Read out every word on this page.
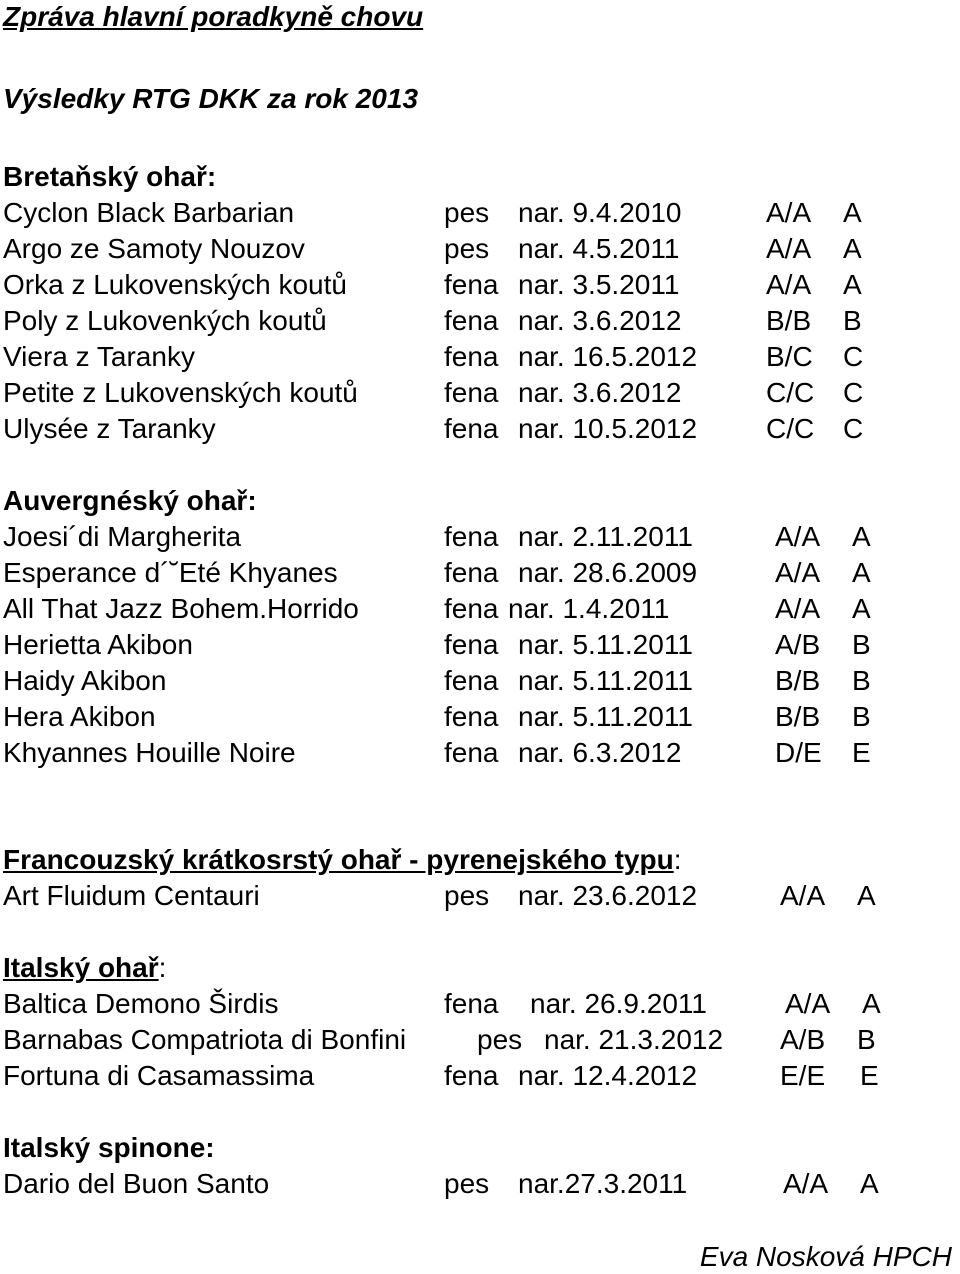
Zpráva hlavní poradkyně chovu
Výsledky RTG DKK za rok 2013
Bretaňský ohař:
Cyclon Black Barbarian	pes nar. 9.4.2010	A/A A
Argo ze Samoty Nouzov	pes nar. 4.5.2011	A/A A
Orka z Lukovenských koutů	fena nar. 3.5.2011	A/A A
Poly z Lukovenkých koutů	fena nar. 3.6.2012	B/B B
Viera z Taranky	fena nar. 16.5.2012 B/C C
Petite z Lukovenských koutů	fena nar. 3.6.2012	C/C C
Ulysée z Taranky	fena nar. 10.5.2012 C/C C
Auvergnéský ohař:
Joesi´di Margherita	fena nar. 2.11.2011	A/A A
Esperance d´˘Eté Khyanes	fena nar. 28.6.2009	A/A A
All That Jazz Bohem.Horrido	fena nar. 1.4.2011	A/A A
Herietta Akibon	fena nar. 5.11.2011	A/B B
Haidy Akibon	fena nar. 5.11.2011	B/B B
Hera Akibon	fena nar. 5.11.2011	B/B B
Khyannes Houille Noire	fena nar. 6.3.2012	D/E E
Francouzský krátkosrstý ohař - pyrenejského typu:
Art Fluidum Centauri	pes nar. 23.6.2012	A/A A
Italský ohař:
Baltica Demono Širdis	fena nar. 26.9.2011	A/A A
Barnabas Compatriota di Bonfini	pes nar. 21.3.2012 A/B B
Fortuna di Casamassima	fena nar. 12.4.2012	E/E E
Italský spinone:
Dario del Buon Santo	pes nar.27.3.2011	A/A A
Eva Nosková HPCH
